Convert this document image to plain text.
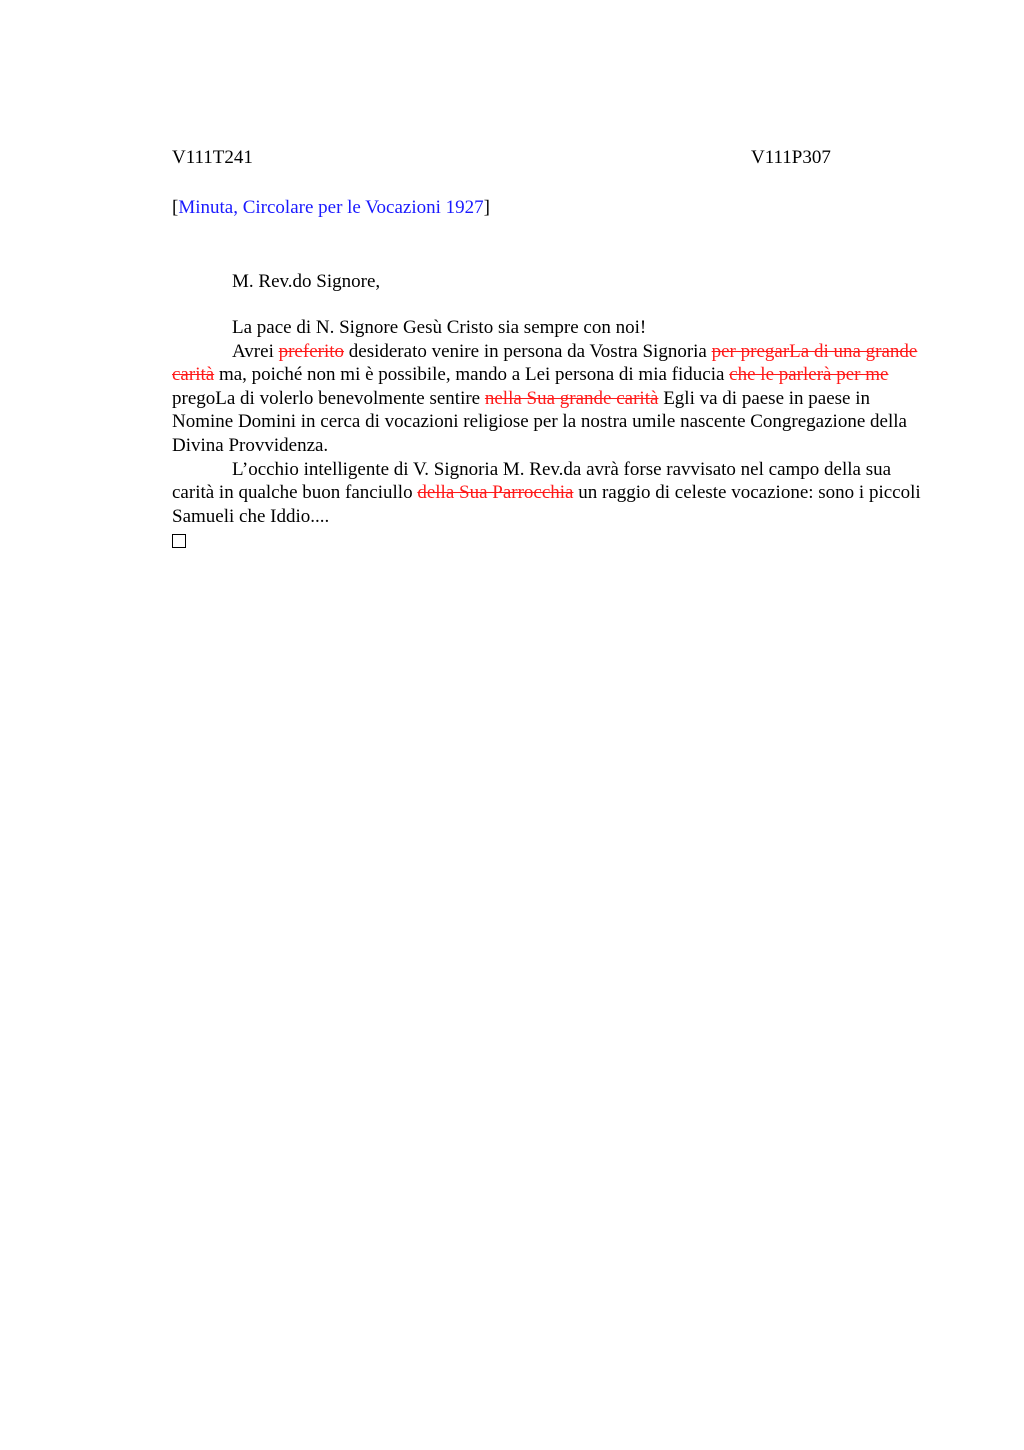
V111T241	V111P307
[Minuta, Circolare per le Vocazioni 1927]
M. Rev.do Signore,

La pace di N. Signore Gesù Cristo sia sempre con noi!

Avrei preferito desiderato venire in persona da Vostra Signoria per pregarLa di una grande carità ma, poiché non mi è possibile, mando a Lei persona di mia fiducia che le parlerà per me pregoLa di volerlo benevolmente sentire nella Sua grande carità Egli va di paese in paese in Nomine Domini in cerca di vocazioni religiose per la nostra umile nascente Congregazione della Divina Provvidenza.

L’occhio intelligente di V. Signoria M. Rev.da avrà forse ravvisato nel campo della sua carità in qualche buon fanciullo della Sua Parrocchia un raggio di celeste vocazione: sono i piccoli Samueli che Iddio....
